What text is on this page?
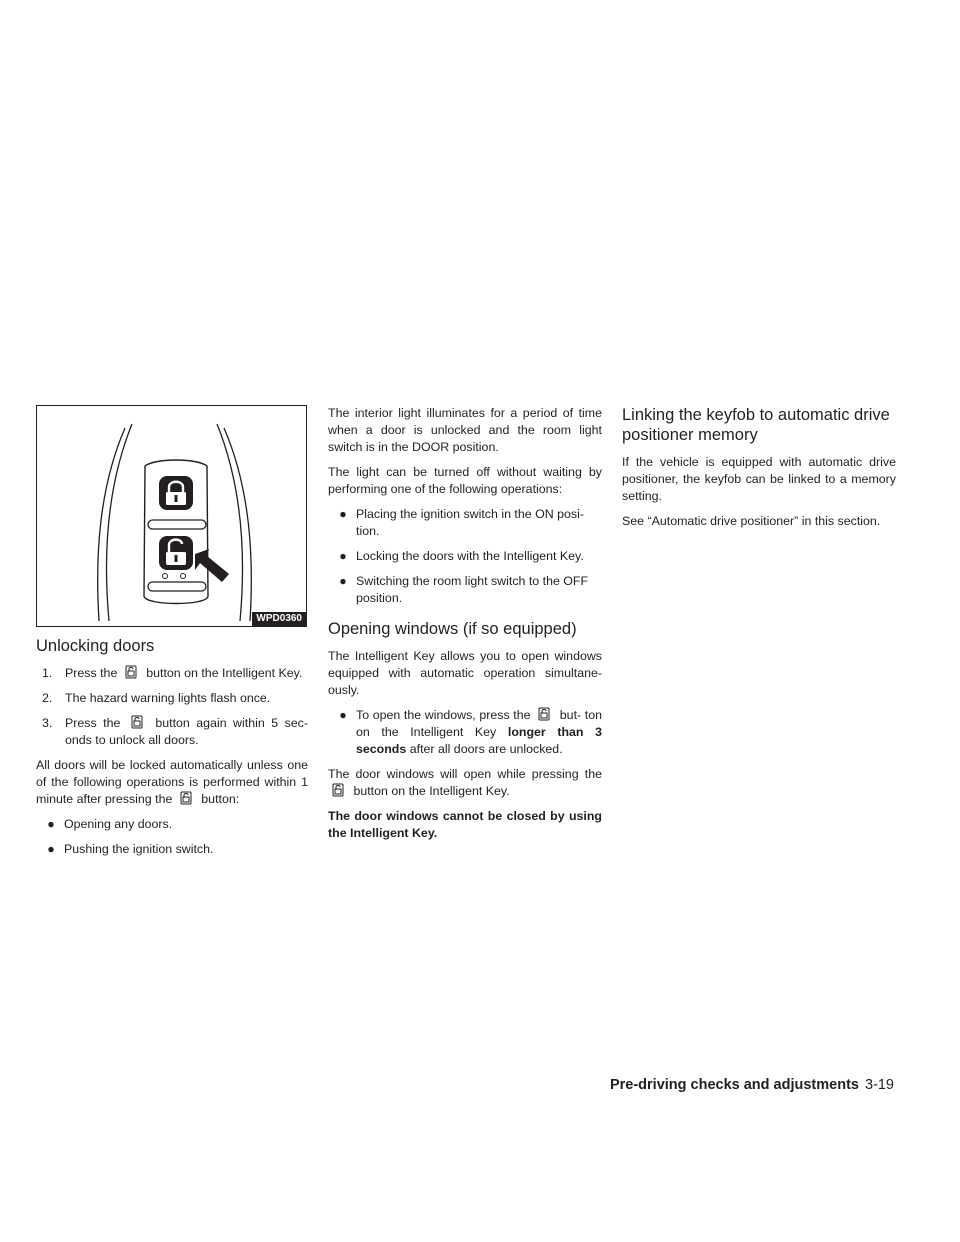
WPD0360
Unlocking doors
1.	Press the button on the Intelligent Key.
2.	The hazard warning lights flash once.
3.	Press the	button again within 5 sec- onds to unlock all doors.

All doors will be locked automatically unless one of the following operations is performed within 1 minute after pressing the button:

● Opening any doors.
● Pushing the ignition switch.

The interior light illuminates for a period of time when a door is unlocked and the room light switch is in the DOOR position.

The light can be turned off without waiting by performing one of the following operations:

● Placing the ignition switch in the ON posi- tion.
● Locking the doors with the Intelligent Key.
● Switching the room light switch to the OFF position.
Opening windows (if so equipped)

The Intelligent Key allows you to open windows equipped with automatic operation simultane- ously.

● To open the windows, press the but- ton on the Intelligent Key longer than 3 seconds after all doors are unlocked.

The door windows will open while pressing the
button on the Intelligent Key.

The door windows cannot be closed by using the Intelligent Key.

Linking the keyfob to automatic drive positioner memory

If the vehicle is equipped with automatic drive positioner, the keyfob can be linked to a memory setting.

See “Automatic drive positioner” in this section.

Pre-driving checks and adjustments 3-19
